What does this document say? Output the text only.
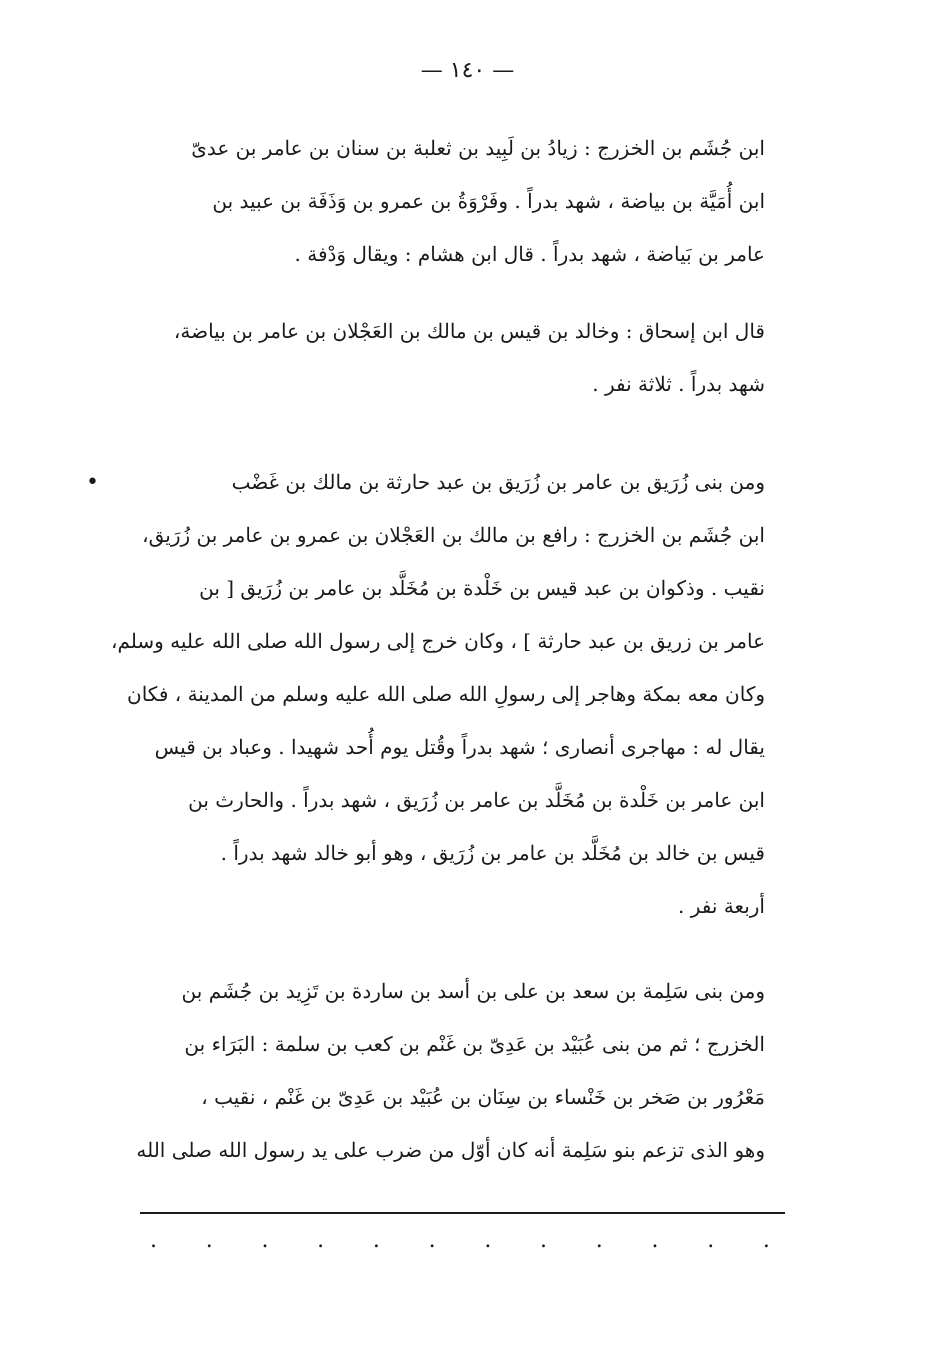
— ١٤٠ —
ابن جُشَم بن الخزرج : زيادُ بن لَبِيد بن ثعلبة بن سنان بن عامر بن عدىّ
ابن أُمَيَّة بن بياضة ، شهد بدراً . وفَرْوَةُ بن عمرو بن وَذَفَة بن عبيد بن
عامر بن بَياضة ، شهد بدراً . قال ابن هشام : ويقال وَدْفة .
قال ابن إسحاق : وخالد بن قيس بن مالك بن العَجْلان بن عامر بن بياضة،
شهد بدراً . ثلاثة نفر .
•	ومن بنى زُرَيق بن عامر بن زُرَيق بن عبد حارثة بن مالك بن غَضْب
ابن جُشَم بن الخزرج : رافع بن مالك بن العَجْلان بن عمرو بن عامر بن زُرَيق،
نقيب . وذكوان بن عبد قيس بن خَلْدة بن مُخَلَّد بن عامر بن زُرَيق [ بن
عامر بن زريق بن عبد حارثة ] ، وكان خرج إلى رسول الله صلى الله عليه وسلم،
وكان معه بمكة وهاجر إلى رسولِ الله صلى الله عليه وسلم من المدينة ، فكان
يقال له : مهاجرى أنصارى ؛ شهد بدراً وقُتل يوم أُحد شهيدا . وعباد بن قيس
ابن عامر بن خَلْدة بن مُخَلَّد بن عامر بن زُرَيق ، شهد بدراً . والحارث بن
قيس بن خالد بن مُخَلَّد بن عامر بن زُرَيق ، وهو أبو خالد شهد بدراً .
أربعة نفر .
ومن بنى سَلِمة بن سعد بن على بن أسد بن ساردة بن تَزِيد بن جُشَم بن
الخزرج ؛ ثم من بنى عُبَيْد بن عَدِىّ بن غَنْم بن كعب بن سلمة : البَرَاء بن
مَعْرُور بن صَخر بن خَنْساء بن سِنَان بن عُبَيْد بن عَدِىّ بن غَنْم ، نقيب ،
وهو الذى تزعم بنو سَلِمة أنه كان أوّل من ضرب على يد رسول الله صلى الله
. . . . . . . . . . . .
